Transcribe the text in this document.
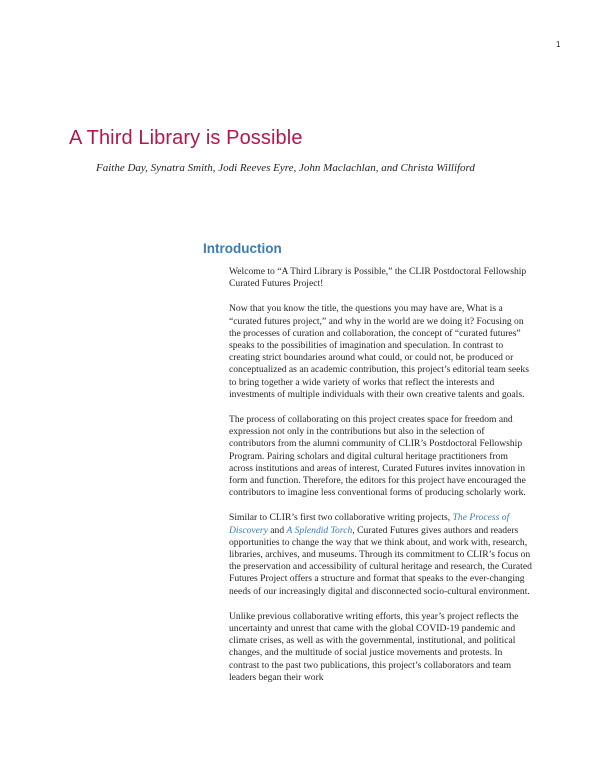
1
A Third Library is Possible

Faithe Day, Synatra Smith, Jodi Reeves Eyre, John Maclachlan, and Christa Williford

Introduction

Welcome to “A Third Library is Possible,” the CLIR Postdoctoral Fellowship Curated Futures Project!

Now that you know the title, the questions you may have are, What is a “curated futures project,” and why in the world are we doing it? Focusing on the processes of curation and collaboration, the concept of “curated futures” speaks to the possibilities of imagination and speculation. In contrast to creating strict boundaries around what could, or could not, be produced or conceptualized as an academic contribution, this project’s editorial team seeks to bring together a wide variety of works that reflect the interests and investments of multiple individuals with their own creative talents and goals.

The process of collaborating on this project creates space for freedom and expression not only in the contributions but also in the selection of contributors from the alumni community of CLIR’s Postdoctoral Fellowship Program. Pairing scholars and digital cultural heritage practitioners from across institutions and areas of interest, Curated Futures invites innovation in form and function. Therefore, the editors for this project have encouraged the contributors to imagine less conventional forms of producing scholarly work.

Similar to CLIR’s first two collaborative writing projects, The Process of Discovery and A Splendid Torch, Curated Futures gives authors and readers opportunities to change the way that we think about, and work with, research, libraries, archives, and museums. Through its commitment to CLIR’s focus on the preservation and accessibility of cultural heritage and research, the Curated Futures Project offers a structure and format that speaks to the ever-changing needs of our increasingly digital and disconnected socio-cultural environment.

Unlike previous collaborative writing efforts, this year’s project reflects the uncertainty and unrest that came with the global COVID-19 pandemic and climate crises, as well as with the governmental, institutional, and political changes, and the multitude of social justice movements and protests. In contrast to the past two publications, this project’s collaborators and team leaders began their work
